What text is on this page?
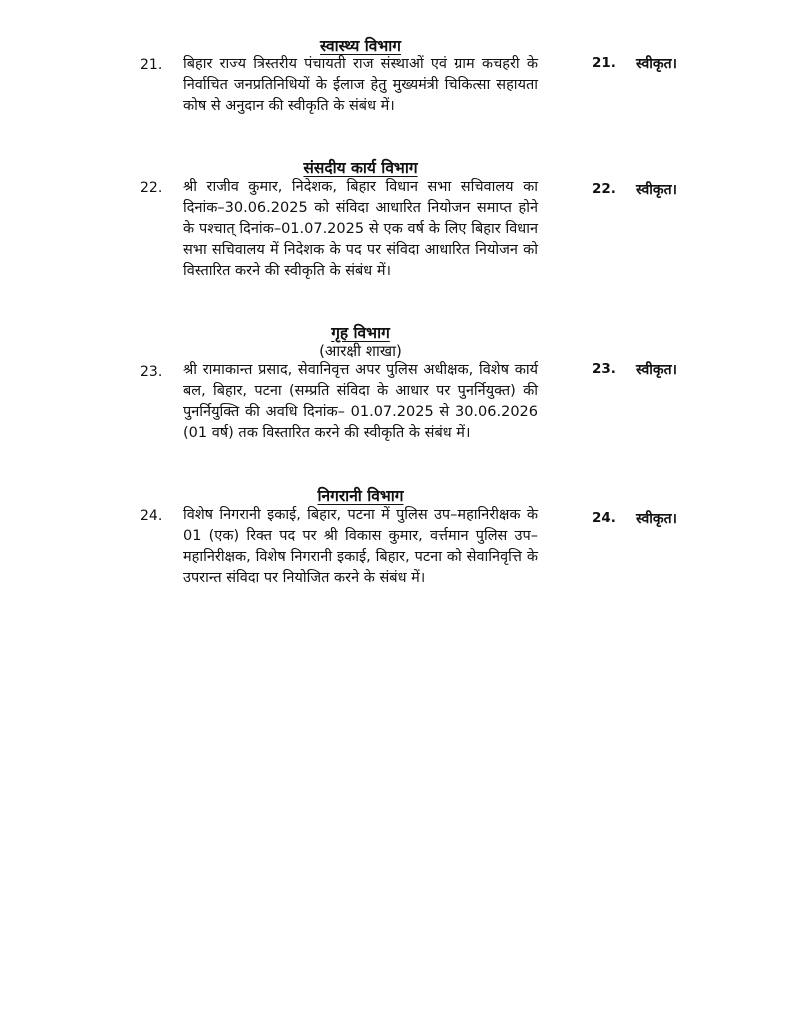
स्वास्थ्य विभाग
21. बिहार राज्य त्रिस्तरीय पंचायती राज संस्थाओं एवं ग्राम कचहरी के निर्वाचित जनप्रतिनिधियों के ईलाज हेतु मुख्यमंत्री चिकित्सा सहायता कोष से अनुदान की स्वीकृति के संबंध में।
21. स्वीकृत।
संसदीय कार्य विभाग
22. श्री राजीव कुमार, निदेशक, बिहार विधान सभा सचिवालय का दिनांक–30.06.2025 को संविदा आधारित नियोजन समाप्त होने के पश्चात् दिनांक–01.07.2025 से एक वर्ष के लिए बिहार विधान सभा सचिवालय में निदेशक के पद पर संविदा आधारित नियोजन को विस्तारित करने की स्वीकृति के संबंध में।
22. स्वीकृत।
गृह विभाग
(आरक्षी शाखा)
23. श्री रामाकान्त प्रसाद, सेवानिवृत्त अपर पुलिस अधीक्षक, विशेष कार्य बल, बिहार, पटना (सम्प्रति संविदा के आधार पर पुनर्नियुक्त) की पुनर्नियुक्ति की अवधि दिनांक– 01.07.2025 से 30.06.2026 (01 वर्ष) तक विस्तारित करने की स्वीकृति के संबंध में।
23. स्वीकृत।
निगरानी विभाग
24. विशेष निगरानी इकाई, बिहार, पटना में पुलिस उप–महानिरीक्षक के 01 (एक) रिक्त पद पर श्री विकास कुमार, वर्त्तमान पुलिस उप–महानिरीक्षक, विशेष निगरानी इकाई, बिहार, पटना को सेवानिवृत्ति के उपरान्त संविदा पर नियोजित करने के संबंध में।
24. स्वीकृत।
